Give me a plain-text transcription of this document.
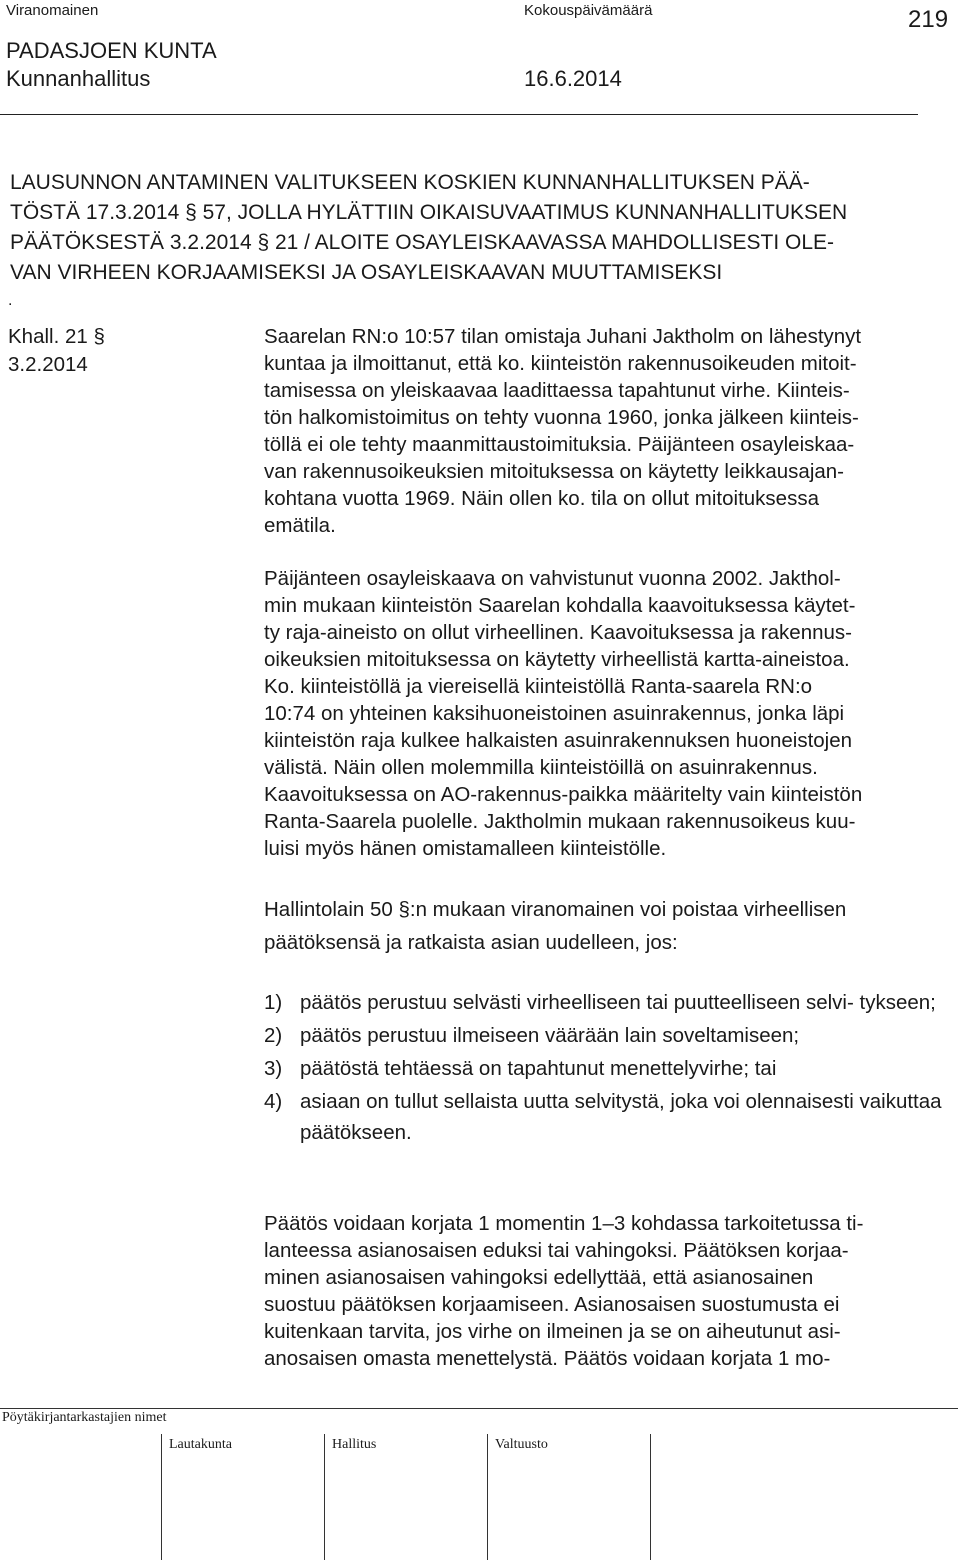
Viranomainen	Kokouspäivämäärä	219
PADASJOEN KUNTA
Kunnanhallitus	16.6.2014
LAUSUNNON ANTAMINEN VALITUKSEEN KOSKIEN KUNNANHALLITUKSEN PÄÄ-
TÖSTÄ 17.3.2014 § 57, JOLLA HYLÄTTIIN OIKAISUVAATIMUS KUNNANHALLITUKSEN
PÄÄTÖKSESTÄ 3.2.2014 § 21 / ALOITE OSAYLEISKAAVASSA MAHDOLLISESTI OLE-
VAN VIRHEEN KORJAAMISEKSI JA OSAYLEISKAAVAN MUUTTAMISEKSI
.
Khall. 21 §
3.2.2014
Saarelan RN:o 10:57 tilan omistaja Juhani Jaktholm on lähestynyt
kuntaa ja ilmoittanut, että ko. kiinteistön rakennusoikeuden mitoit-
tamisessa on yleiskaavaa laadittaessa tapahtunut virhe. Kiinteis-
tön halkomistoimitus on tehty vuonna 1960, jonka jälkeen kiinteis-
töllä ei ole tehty maanmittaustoimituksia. Päijänteen osayleiskaa-
van rakennusoikeuksien mitoituksessa on käytetty leikkausajan-
kohtana vuotta 1969. Näin ollen ko. tila on ollut mitoituksessa
emätila.
Päijänteen osayleiskaava on vahvistunut vuonna 2002. Jakthol-
min mukaan kiinteistön Saarelan kohdalla kaavoituksessa käytet-
ty raja-aineisto on ollut virheellinen. Kaavoituksessa ja rakennus-
oikeuksien mitoituksessa on käytetty virheellistä kartta-aineistoa.
Ko. kiinteistöllä ja viereisellä kiinteistöllä Ranta-saarela RN:o
10:74 on yhteinen kaksihuoneistoinen asuinrakennus, jonka läpi
kiinteistön raja kulkee halkaisten asuinrakennuksen huoneistojen
välistä. Näin ollen molemmilla kiinteistöillä on asuinrakennus.
Kaavoituksessa on AO-rakennus-paikka määritelty vain kiinteistön
Ranta-Saarela puolelle. Jaktholmin mukaan rakennusoikeus kuu-
luisi myös hänen omistamalleen kiinteistölle.
Hallintolain 50 §:n mukaan viranomainen voi poistaa virheellisen
päätöksensä ja ratkaista asian uudelleen, jos:
1) päätös perustuu selvästi virheelliseen tai puutteelliseen selvi- tykseen;
2) päätös perustuu ilmeiseen väärään lain soveltamiseen;
3) päätöstä tehtäessä on tapahtunut menettelyvirhe; tai
4) asiaan on tullut sellaista uutta selvitystä, joka voi olennaisesti vaikuttaa päätökseen.
Päätös voidaan korjata 1 momentin 1–3 kohdassa tarkoitetussa ti-
lanteessa asianosaisen eduksi tai vahingoksi. Päätöksen korjaa-
minen asianosaisen vahingoksi edellyttää, että asianosainen
suostuu päätöksen korjaamiseen. Asianosaisen suostumusta ei
kuitenkaan tarvita, jos virhe on ilmeinen ja se on aiheutunut asi-
anosaisen omasta menettelystä. Päätös voidaan korjata 1 mo-
Pöytäkirjantarkastajien nimet
Lautakunta	Hallitus	Valtuusto
